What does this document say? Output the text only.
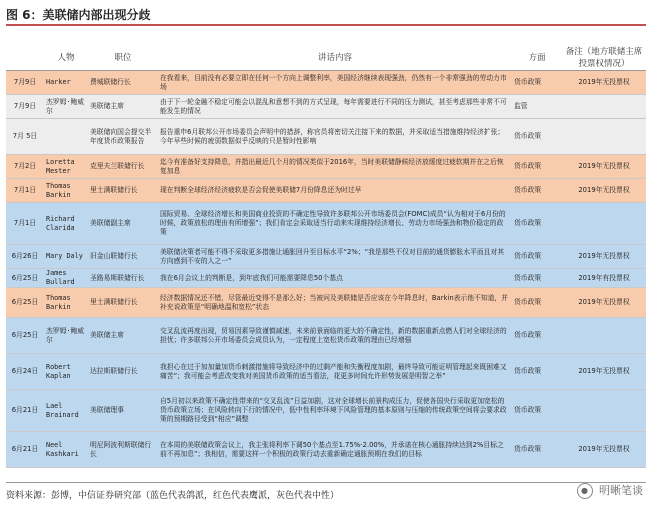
图 6：美联储内部出现分歧
	人物	职位	讲话内容	方面	备注（地方联储主席投票权情况）
7月9日	Harker	费城联储行长	在我看来，目前没有必要立即在任何一个方向上调整利率，美国经济继续表现强劲，仍然有一个非常强劲的劳动力市场	货币政策	2019年无投票权
7月9日	杰罗姆·鲍威尔	美联储主席	由于下一轮金融不稳定可能会以混乱和意想不到的方式呈现，每年需要进行不同的压力测试，甚至考虑那些非常不可能发生的情况	监管	
7月 5日		美联储向国会提交半年度货币政策报告	报告重申6月联邦公开市场委员会声明中的措辞，称官员将密切关注接下来的数据，并采取适当措施维持经济扩张；今年早些时候的疲弱数据似乎反映的只是暂时性影响	货币政策	
7月2日	Loretta Mester	克里夫兰联储行长	迄今有准备好支持降息，并指出最近几个月的情况类似于2016年，当时美联储静候经济放缓度过疲软期并在之后恢复加息	货币政策	2019年无投票权
7月1日	Thomas Barkin	里士满联储行长	现在判断全球经济经济疲软是否会促使美联储7月份降息还为时过早	货币政策	2019年无投票权
7月1日	Richard Clarida	美联储副主席	国际贸易、全球经济增长和美国商业投资的不确定性导致许多联邦公开市场委员会(FOMC)成员“认为相对于6月份的时候，政策放松的理由有所增强”；我们肯定会采取适当行动来实现维持经济增长、劳动力市场强劲和物价稳定的政策	货币政策	
6月26日	Mary Daly	旧金山联储行长	美联储决策者可能不得不采取更多措施让通胀回升至目标水平“2%；“我是那些不仅对目前的通货膨胀水平而且对其方向感到不安的人之一”	货币政策	2019年无投票权
6月25日	James Bullard	圣路易斯联储行长	我在6月会议上的判断是，到年底我们可能需要降息50个基点	货币政策	2019年有投票权
6月25日	Thomas Barkin	里士满联储行长	经济数据情况还不错，尽管最近变得不是那么好；当被问及美联储是否应该在今年降息时，Barkin表示他不知道，并补充说政策是“明确地温和宽松”状态	货币政策	2019年无投票权
6月25日	杰罗姆·鲍威尔	美联储主席	交叉乱流再度出现，贸易因素导致谨慎减速，未来前景面临的更大的不确定性，新的数据重新点燃人们对全球经济的担忧；许多联邦公开市场委员会成员认为，一定程度上宽松货币政策的理由已经增强	货币政策	
6月24日	Robert Kaplan	达拉斯联储行长	我担心在过于加加量加货币刺激措施将导致经济中的过剩产能和失衡程度加剧，最终导致可能证明管理起来既困难又痛苦”；我可能会考虑改变我对美国货币政策的适当看法，花更多时间允许形势发展是明智之举”	货币政策	2019年无投票权
6月21日	Lael Brainard	美联储理事	自5月初以来政策不确定性带来的“交叉乱流”日益加剧，这对全球增长前景构成压力，促使各国央行采取更加宽松的货币政策立场；在风险转向下行的情况中，低中性利率环境下风险管理的基本原则与压缩的传统政策空间将会要求政策的预期路径受到“相应”调整	货币政策	
6月21日	Neel Kashkari	明尼阿波利斯联储行长	在本周的美联储政策会议上，我主张将利率下调50个基点至1.75%-2.00%，并承诺在核心通胀持续达到2%目标之前不再加息”；我相信，需要这样一个积极的政策行动去重新确定通胀预期在我们的目标	货币政策	2019年无投票权
资料来源：彭博，中信证券研究部（蓝色代表鸽派，红色代表鹰派，灰色代表中性）
● 明晰笔谈
